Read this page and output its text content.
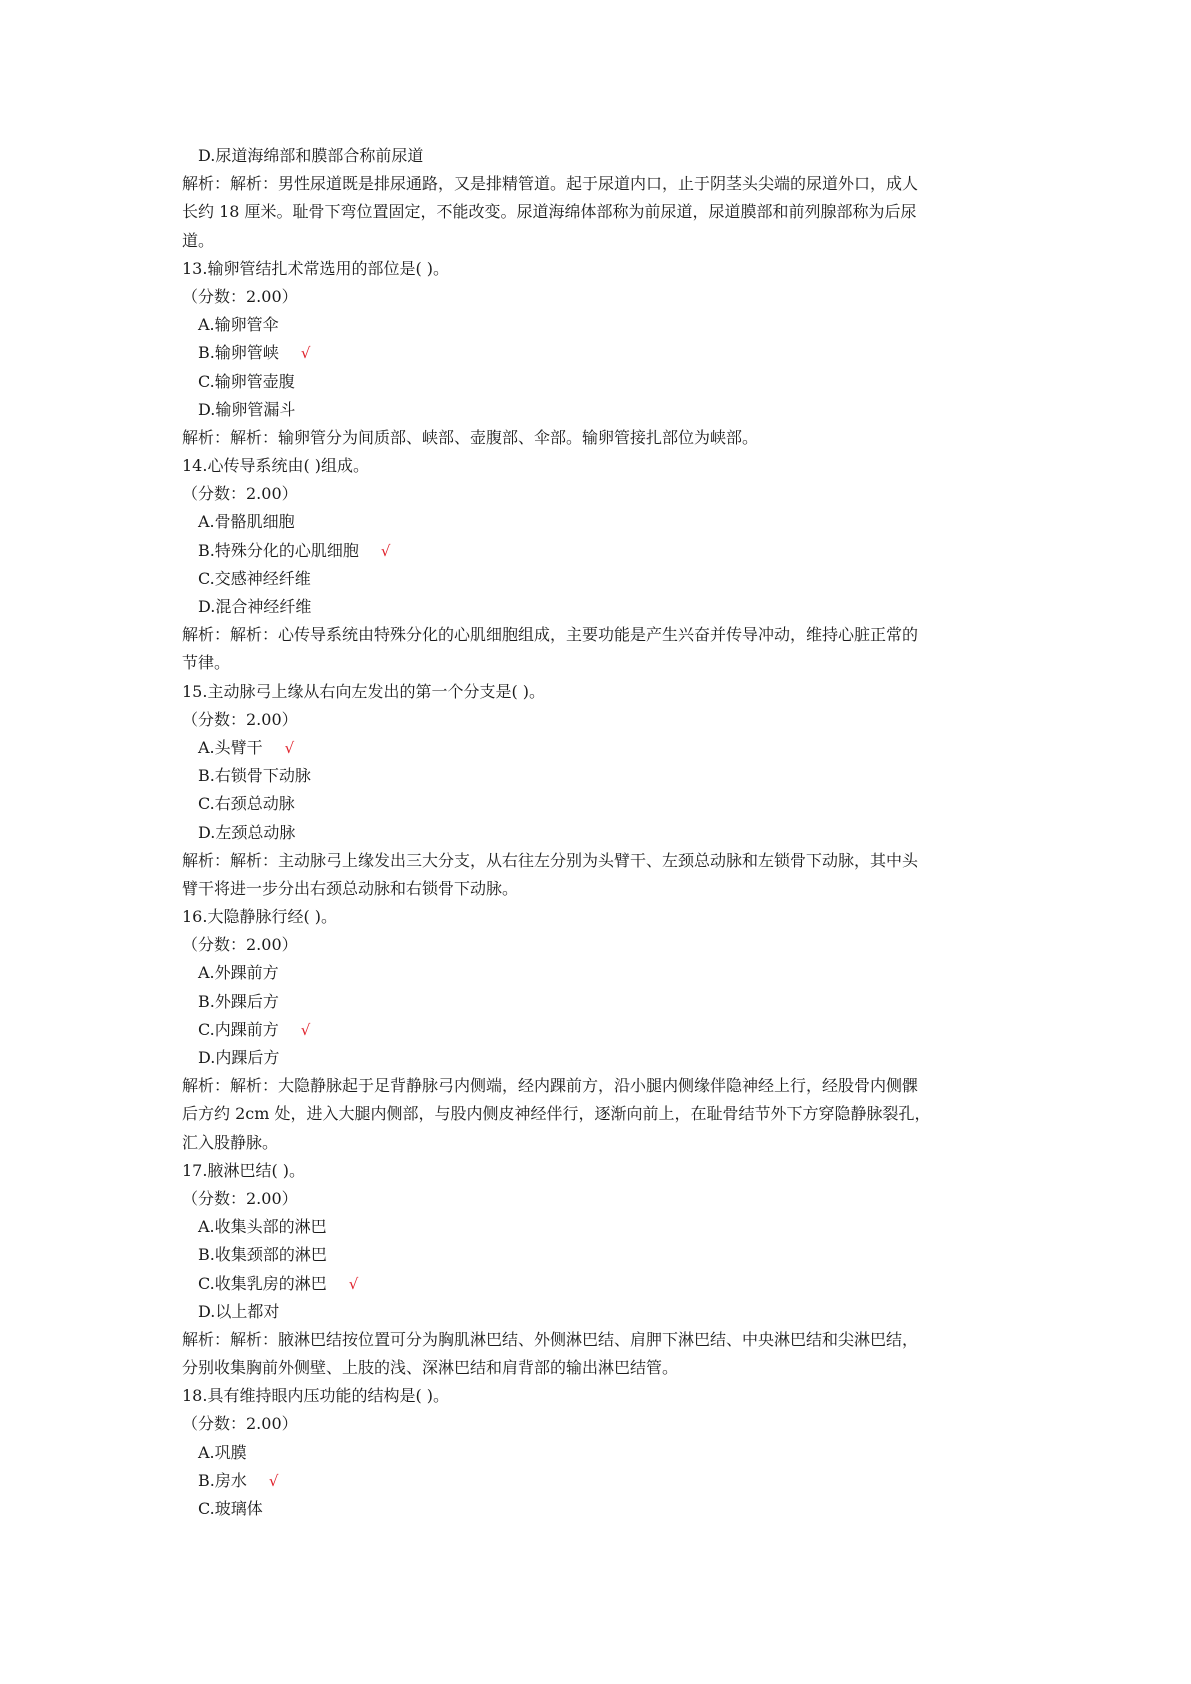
D.尿道海绵部和膜部合称前尿道
解析：解析：男性尿道既是排尿通路，又是排精管道。起于尿道内口，止于阴茎头尖端的尿道外口，成人
长约 18 厘米。耻骨下弯位置固定，不能改变。尿道海绵体部称为前尿道，尿道膜部和前列腺部称为后尿
道。
13.输卵管结扎术常选用的部位是( )。
（分数：2.00）
A.输卵管伞
B.输卵管峡 √
C.输卵管壶腹
D.输卵管漏斗
解析：解析：输卵管分为间质部、峡部、壶腹部、伞部。输卵管接扎部位为峡部。
14.心传导系统由( )组成。
（分数：2.00）
A.骨骼肌细胞
B.特殊分化的心肌细胞 √
C.交感神经纤维
D.混合神经纤维
解析：解析：心传导系统由特殊分化的心肌细胞组成，主要功能是产生兴奋并传导冲动，维持心脏正常的
节律。
15.主动脉弓上缘从右向左发出的第一个分支是( )。
（分数：2.00）
A.头臂干 √
B.右锁骨下动脉
C.右颈总动脉
D.左颈总动脉
解析：解析：主动脉弓上缘发出三大分支，从右往左分别为头臂干、左颈总动脉和左锁骨下动脉，其中头
臂干将进一步分出右颈总动脉和右锁骨下动脉。
16.大隐静脉行经( )。
（分数：2.00）
A.外踝前方
B.外踝后方
C.内踝前方 √
D.内踝后方
解析：解析：大隐静脉起于足背静脉弓内侧端，经内踝前方，沿小腿内侧缘伴隐神经上行，经股骨内侧髁
后方约 2cm 处，进入大腿内侧部，与股内侧皮神经伴行，逐渐向前上，在耻骨结节外下方穿隐静脉裂孔，
汇入股静脉。
17.腋淋巴结( )。
（分数：2.00）
A.收集头部的淋巴
B.收集颈部的淋巴
C.收集乳房的淋巴 √
D.以上都对
解析：解析：腋淋巴结按位置可分为胸肌淋巴结、外侧淋巴结、肩胛下淋巴结、中央淋巴结和尖淋巴结，
分别收集胸前外侧壁、上肢的浅、深淋巴结和肩背部的输出淋巴结管。
18.具有维持眼内压功能的结构是( )。
（分数：2.00）
A.巩膜
B.房水 √
C.玻璃体
